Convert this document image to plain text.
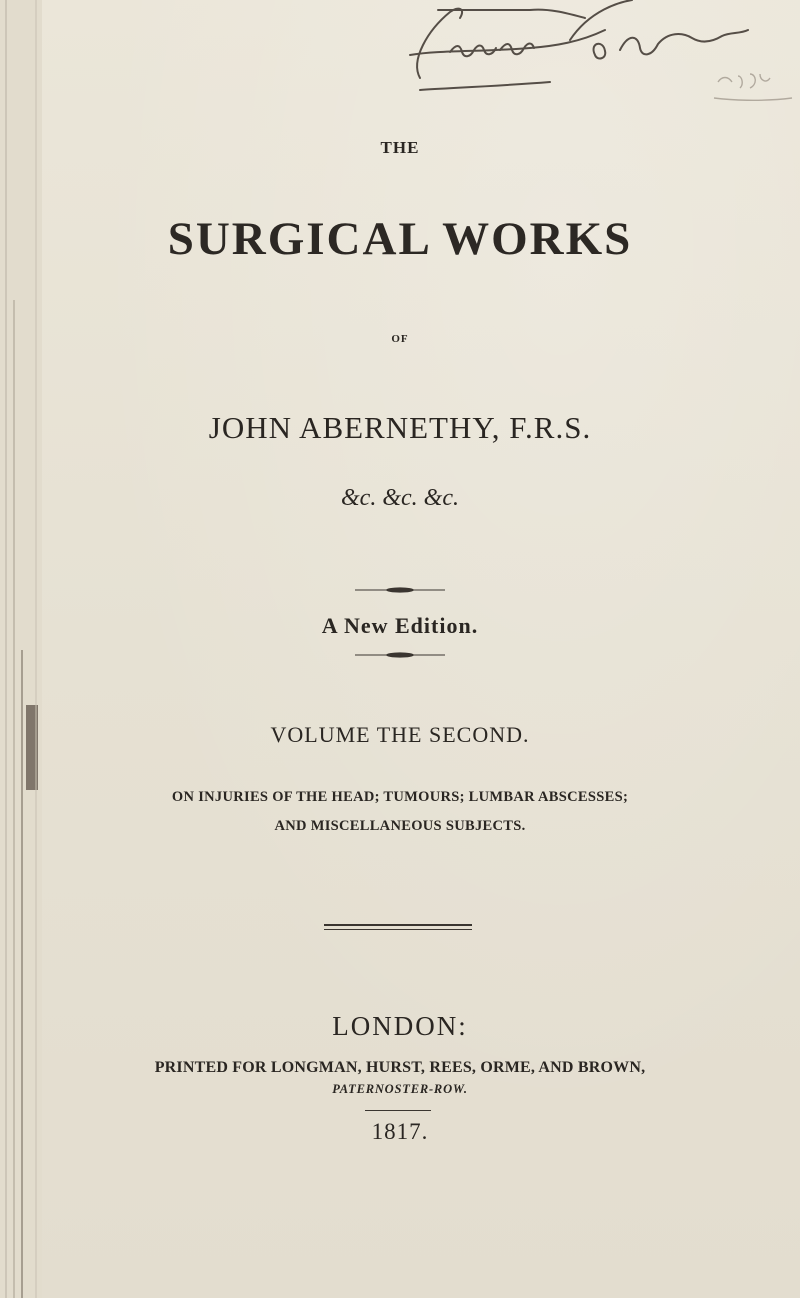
THE
SURGICAL WORKS
OF
JOHN ABERNETHY, F.R.S.
&c. &c. &c.
A New Edition.
VOLUME THE SECOND.
ON INJURIES OF THE HEAD; TUMOURS; LUMBAR ABSCESSES;
AND MISCELLANEOUS SUBJECTS.
LONDON:
PRINTED FOR LONGMAN, HURST, REES, ORME, AND BROWN,
PATERNOSTER-ROW.
1817.
